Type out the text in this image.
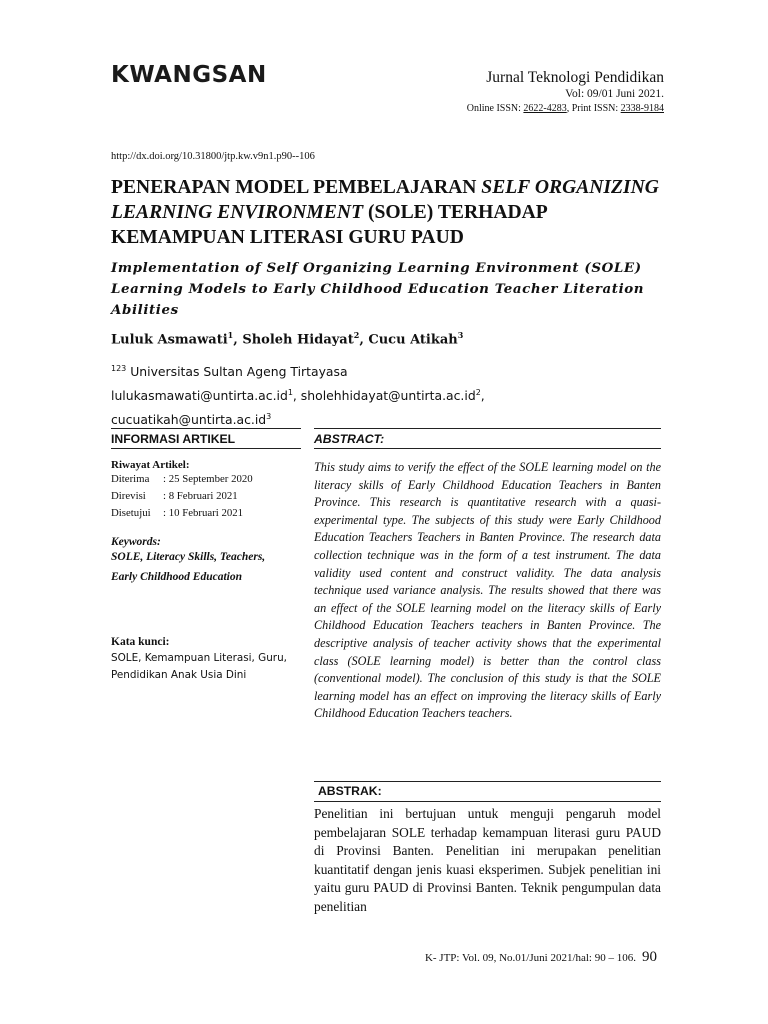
KWANGSAN	Jurnal Teknologi Pendidikan
Vol: 09/01 Juni 2021.
Online ISSN: 2622-4283, Print ISSN: 2338-9184
http://dx.doi.org/10.31800/jtp.kw.v9n1.p90--106
PENERAPAN MODEL PEMBELAJARAN SELF ORGANIZING LEARNING ENVIRONMENT (SOLE) TERHADAP KEMAMPUAN LITERASI GURU PAUD
Implementation of Self Organizing Learning Environment (SOLE) Learning Models to Early Childhood Education Teacher Literation Abilities
Luluk Asmawati$^1$, Sholeh Hidayat$^2$, Cucu Atikah$^3$
$^{123}$ Universitas Sultan Ageng Tirtayasa
$lulukasmawati@untirta.ac.id^1$, $sholehhidayat@untirta.ac.id^2$,
$cucuatikah@untirta.ac.id^3$
INFORMASI ARTIKEL	ABSTRACT:
Riwayat Artikel:
Diterima	: 25 September 2020
Direvisi	: 8 Februari 2021
Disetujui	: 10 Februari 2021
Keywords:
SOLE, Literacy Skills, Teachers, Early Childhood Education
Kata kunci:
SOLE, Kemampuan Literasi, Guru, Pendidikan Anak Usia Dini
This study aims to verify the effect of the SOLE learning model on the literacy skills of Early Childhood Education Teachers in Banten Province. This research is quantitative research with a quasi-experimental type. The subjects of this study were Early Childhood Education Teachers Teachers in Banten Province. The research data collection technique was in the form of a test instrument. The data validity used content and construct validity. The data analysis technique used variance analysis. The results showed that there was an effect of the SOLE learning model on the literacy skills of Early Childhood Education Teachers teachers in Banten Province. The descriptive analysis of teacher activity shows that the experimental class (SOLE learning model) is better than the control class (conventional model). The conclusion of this study is that the SOLE learning model has an effect on improving the literacy skills of Early Childhood Education Teachers teachers.
ABSTRAK:
Penelitian ini bertujuan untuk menguji pengaruh model pembelajaran SOLE terhadap kemampuan literasi guru PAUD di Provinsi Banten. Penelitian ini merupakan penelitian kuantitatif dengan jenis kuasi eksperimen. Subjek penelitian ini yaitu guru PAUD di Provinsi Banten. Teknik pengumpulan data penelitian
K- JTP: Vol. 09, No.01/Juni 2021/hal: 90 – 106. 90
